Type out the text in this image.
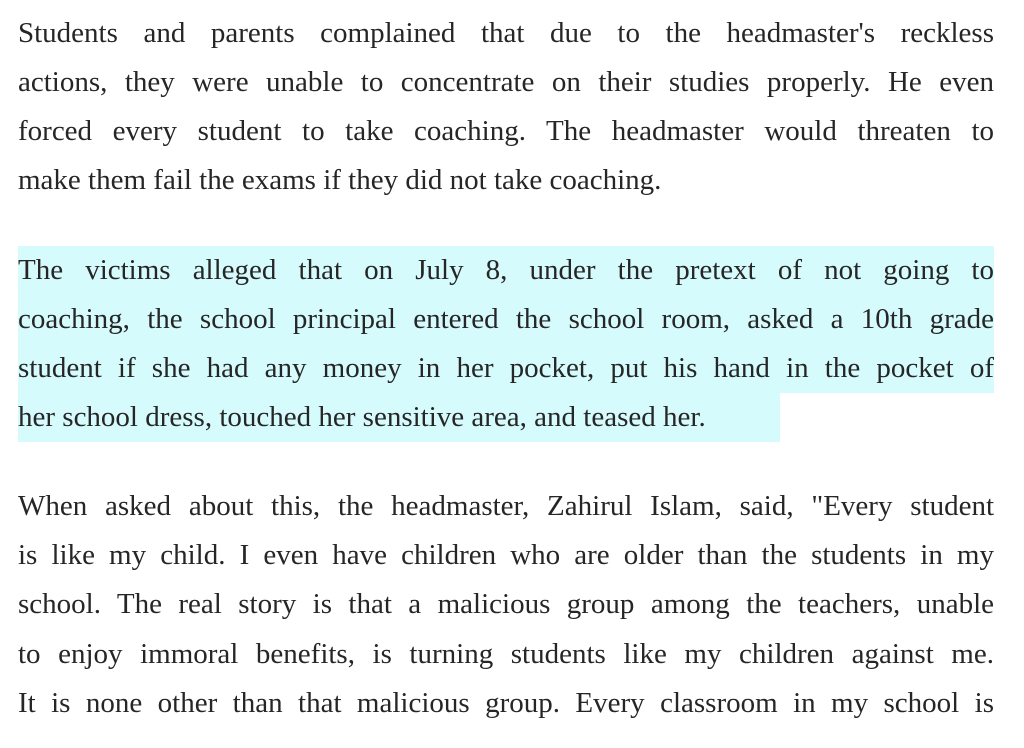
Students and parents complained that due to the headmaster's reckless
actions, they were unable to concentrate on their studies properly. He even
forced every student to take coaching. The headmaster would threaten to
make them fail the exams if they did not take coaching.
The victims alleged that on July 8, under the pretext of not going to
coaching, the school principal entered the school room, asked a 10th grade
student if she had any money in her pocket, put his hand in the pocket of
her school dress, touched her sensitive area, and teased her.
When asked about this, the headmaster, Zahirul Islam, said, "Every student
is like my child. I even have children who are older than the students in my
school. The real story is that a malicious group among the teachers, unable
to enjoy immoral benefits, is turning students like my children against me.
It is none other than that malicious group. Every classroom in my school is
